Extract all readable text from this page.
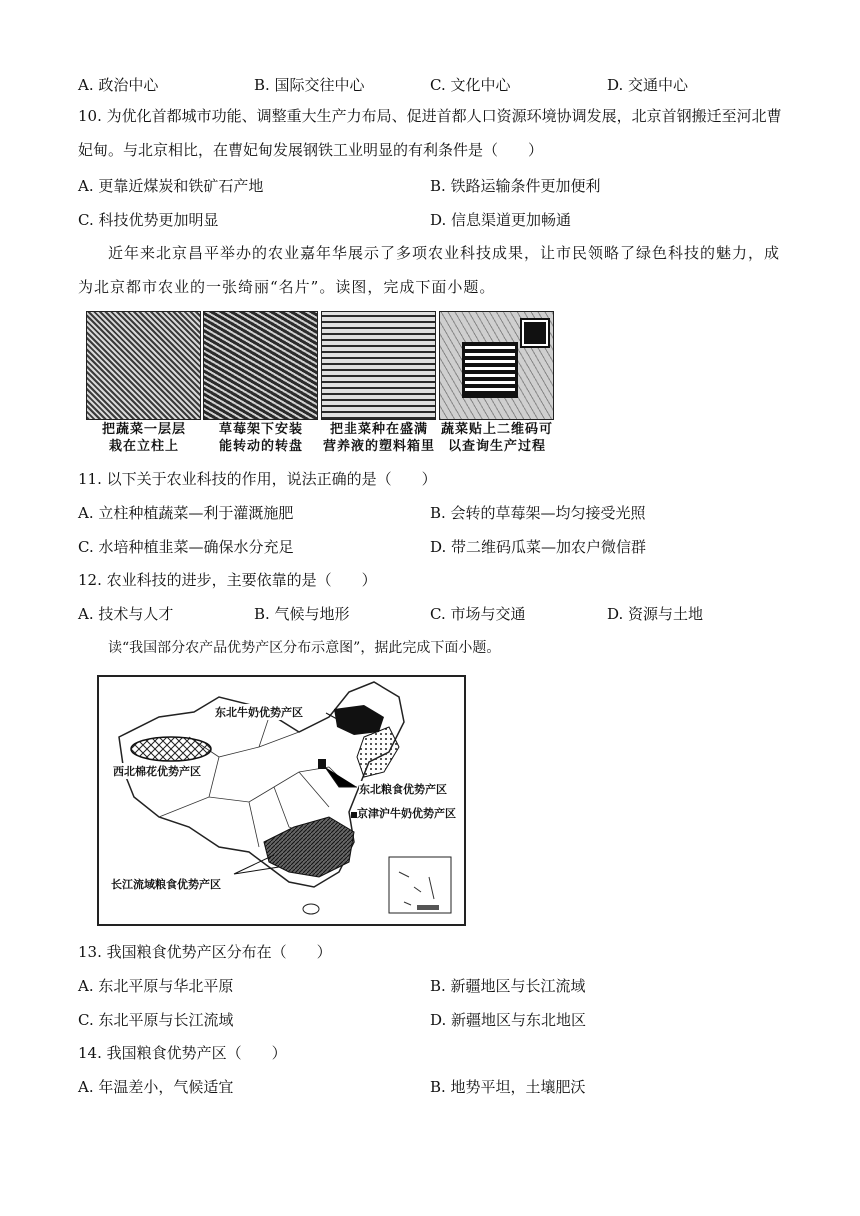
A. 政治中心	B. 国际交往中心	C. 文化中心	D. 交通中心
10. 为优化首都城市功能、调整重大生产力布局、促进首都人口资源环境协调发展，北京首钢搬迁至河北曹妃甸。与北京相比，在曹妃甸发展钢铁工业明显的有利条件是（　　）
A. 更靠近煤炭和铁矿石产地	B. 铁路运输条件更加便利
C. 科技优势更加明显	D. 信息渠道更加畅通
近年来北京昌平举办的农业嘉年华展示了多项农业科技成果，让市民领略了绿色科技的魅力，成为北京都市农业的一张绮丽“名片”。读图，完成下面小题。
把蔬菜一层层
栽在立柱上
草莓架下安装
能转动的转盘
把韭菜种在盛满
营养液的塑料箱里
蔬菜贴上二维码可
以查询生产过程
11. 以下关于农业科技的作用，说法正确的是（　　）
A. 立柱种植蔬菜—利于灌溉施肥	B. 会转的草莓架—均匀接受光照
C. 水培种植韭菜—确保水分充足	D. 带二维码瓜菜—加农户微信群
12. 农业科技的进步，主要依靠的是（　　）
A. 技术与人才	B. 气候与地形	C. 市场与交通	D. 资源与土地
读“我国部分农产品优势产区分布示意图”，据此完成下面小题。
东北牛奶优势产区
西北棉花优势产区
东北粮食优势产区
京津沪牛奶优势产区
长江流域粮食优势产区
13. 我国粮食优势产区分布在（　　）
A. 东北平原与华北平原	B. 新疆地区与长江流域
C. 东北平原与长江流域	D. 新疆地区与东北地区
14. 我国粮食优势产区（　　）
A. 年温差小，气候适宜	B. 地势平坦，土壤肥沃
